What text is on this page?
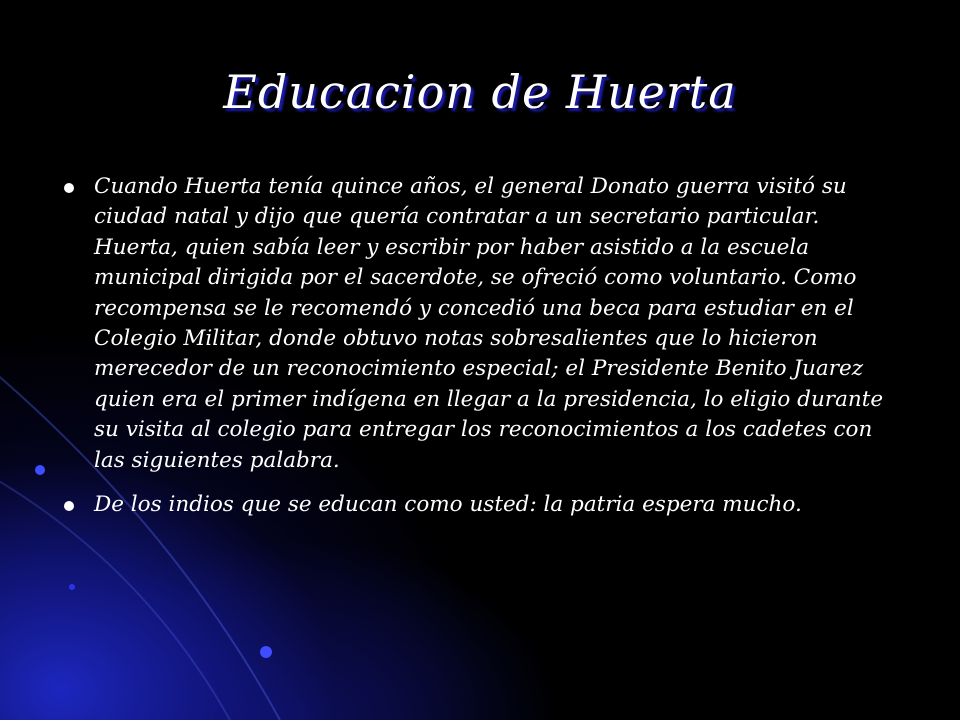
Educacion de Huerta
Cuando Huerta tenía quince años, el general Donato guerra visitó su ciudad natal y dijo que quería contratar a un secretario particular. Huerta, quien sabía leer y escribir por haber asistido a la escuela municipal dirigida por el sacerdote, se ofreció como voluntario. Como recompensa se le recomendó y concedió una beca para estudiar en el Colegio Militar, donde obtuvo notas sobresalientes que lo hicieron merecedor de un reconocimiento especial; el Presidente Benito Juarez quien era el primer indígena en llegar a la presidencia, lo eligio durante su visita al colegio para entregar los reconocimientos a los cadetes con las siguientes palabra.
De los indios que se educan como usted: la patria espera mucho.
